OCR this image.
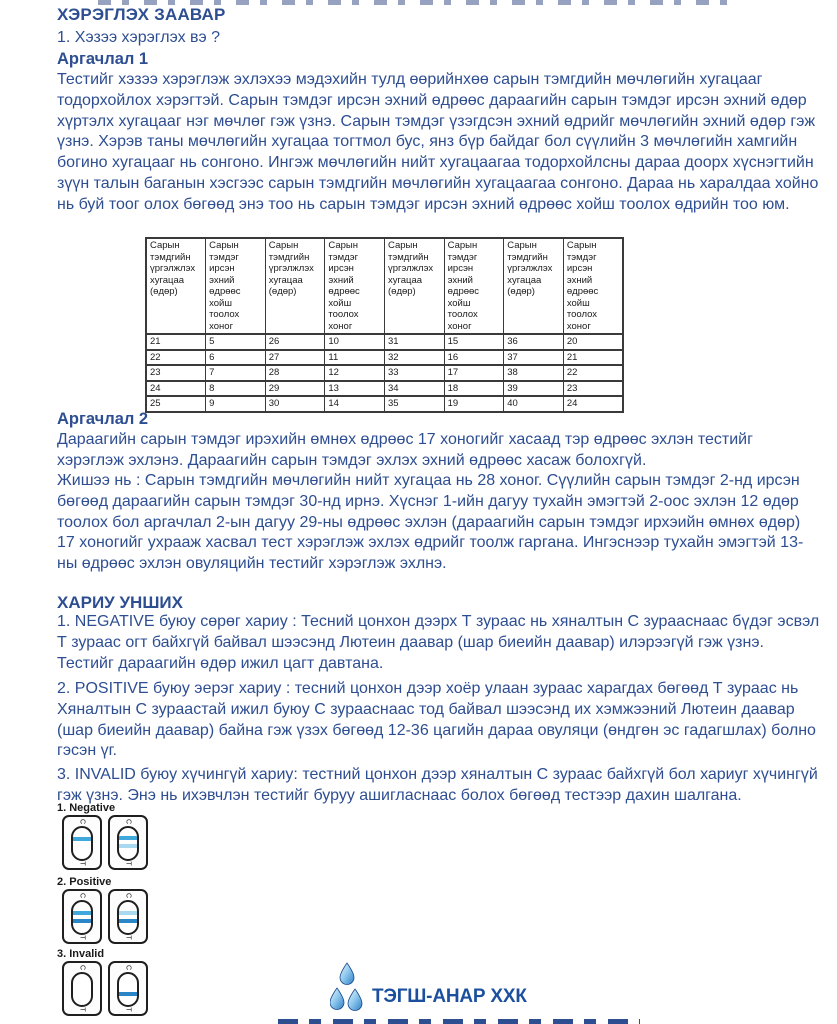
ХЭРЭГЛЭХ ЗААВАР
1. Хэзээ хэрэглэх вэ ?
Аргачлал 1

Тестийг хэзээ хэрэглэж эхлэхээ мэдэхийн тулд өөрийнхөө сарын тэмгдийн мөчлөгийн хугацааг тодорхойлох хэрэгтэй. Сарын тэмдэг ирсэн эхний өдрөөс дараагийн сарын тэмдэг ирсэн эхний өдөр хүртэлх хугацааг нэг мөчлөг гэж үзнэ. Сарын тэмдэг үзэгдсэн эхний өдрийг мөчлөгийн эхний өдөр гэж үзнэ. Хэрэв таны мөчлөгийн хугацаа тогтмол бус, янз бүр байдаг бол сүүлийн 3 мөчлөгийн хамгийн богино хугацааг нь сонгоно. Ингэж мөчлөгийн нийт хугацаагаа тодорхойлсны дараа доорх хүснэгтийн зүүн талын баганын хэсгээс сарын тэмдгийн мөчлөгийн хугацаагаа сонгоно. Дараа нь харалдаа хойно нь буй тоог олох бөгөөд энэ тоо нь сарын тэмдэг ирсэн эхний өдрөөс хойш тоолох өдрийн тоо юм.

Сарын тэмдгийн үргэлжлэх хугацаа (өдөр)	Сарын тэмдэг ирсэн эхний өдрөөс хойш тоолох хоног	Сарын тэмдгийн үргэлжлэх хугацаа (өдөр)	Сарын тэмдэг ирсэн эхний өдрөөс хойш тоолох хоног	Сарын тэмдгийн үргэлжлэх хугацаа (өдөр)	Сарын тэмдэг ирсэн эхний өдрөөс хойш тоолох хоног	Сарын тэмдгийн үргэлжлэх хугацаа (өдөр)	Сарын тэмдэг ирсэн эхний өдрөөс хойш тоолох хоног
21	5	26	10	31	15	36	20
22	6	27	11	32	16	37	21
23	7	28	12	33	17	38	22
24	8	29	13	34	18	39	23
25	9	30	14	35	19	40	24
Аргачлал 2

Дараагийн сарын тэмдэг ирэхийн өмнөх өдрөөс 17 хоногийг хасаад тэр өдрөөс эхлэн тестийг хэрэглэж эхлэнэ. Дараагийн сарын тэмдэг эхлэх эхний өдрөөс хасаж болохгүй.

Жишээ нь : Сарын тэмдгийн мөчлөгийн нийт хугацаа нь 28 хоног. Сүүлийн сарын тэмдэг 2-нд ирсэн бөгөөд дараагийн сарын тэмдэг 30-нд ирнэ. Хүснэг 1-ийн дагуу тухайн эмэгтэй 2-оос эхлэн 12 өдөр тоолох бол аргачлал 2-ын дагуу 29-ны өдрөөс эхлэн (дараагийн сарын тэмдэг ирхэийн өмнөх өдөр) 17 хоногийг ухрааж хасвал тест хэрэглэж эхлэх өдрийг тоолж гаргана. Ингэснээр тухайн эмэгтэй 13-ны өдрөөс эхлэн овуляцийн тестийг хэрэглэж эхлнэ.

ХАРИУ УНШИХ

1. NEGATIVE буюу сөрөг хариу : Тесний цонхон дээрх Т зураас нь хяналтын С зурааснаас бүдэг эсвэл Т зураас огт байхгүй байвал шээсэнд Лютеин даавар (шар биеийн даавар) илэрээгүй гэж үзнэ. Тестийг дараагийн өдөр ижил цагт давтана.

2. POSITIVE буюу эерэг хариу : тесний цонхон дээр хоёр улаан зураас харагдах бөгөөд Т зураас нь Хяналтын С зураастай ижил буюу С зурааснаас тод байвал шээсэнд их хэмжээний Лютеин даавар (шар биеийн даавар) байна гэж үзэх бөгөөд 12-36 цагийн дараа овуляци (өндгөн эс гадагшлах) болно гэсэн үг.

3. INVALID буюу хүчингүй хариу: тестний цонхон дээр хяналтын С зураас байхгүй бол хариуг хүчингүй гэж үзнэ. Энэ нь ихэвчлэн тестийг буруу ашигласнаас болох бөгөөд тестээр дахин шалгана.

1. Negative
C
T
C
T
2. Positive
C
T
C
T
3. Invalid
C
T
C
T
ТЭГШ-АНАР ХХК
